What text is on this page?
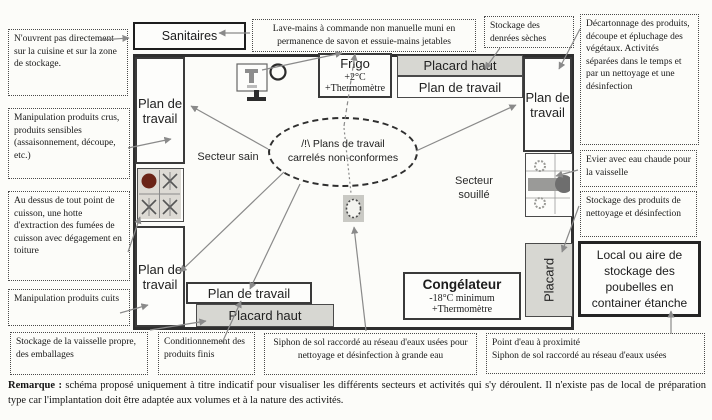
N'ouvrent pas directement sur la cuisine et sur la zone de stockage.
Manipulation produits crus, produits sensibles (assaisonnement, découpe, etc.)
Au dessus de tout point de cuisson, une hotte d'extraction des fumées de cuisson avec dégagement en toiture
Manipulation produits cuits
Stockage de la vaisselle propre, des emballages
Lave-mains à commande non manuelle muni en permanence de savon et essuie-mains jetables
Stockage des denrées sèches
Décartonnage des produits, découpe et épluchage des végétaux. Activités séparées dans le temps et par un nettoyage et une désinfection
Evier avec eau chaude pour la vaisselle
Stockage des produits de nettoyage et désinfection
Local ou aire de stockage des poubelles en container étanche
Conditionnement des produits finis
Siphon de sol raccordé au réseau d'eaux usées pour nettoyage et désinfection à grande eau
Point d'eau à proximité
Siphon de sol raccordé au réseau d'eaux usées
Sanitaires
Plan de travail
Plan de travail
Frigo
+2°C
+Thermomètre
Placard haut
Plan de travail
Plan de travail
Placard
Secteur sain
Secteur souillé
/!\ Plans de travail carrelés non-conformes
Plan de travail
Placard haut
Congélateur
-18°C minimum
+Thermomètre
Remarque : schéma proposé uniquement à titre indicatif pour visualiser les différents secteurs et activités qui s'y déroulent. Il n'existe pas de local de préparation type car l'implantation doit être adaptée aux volumes et à la nature des activités.
